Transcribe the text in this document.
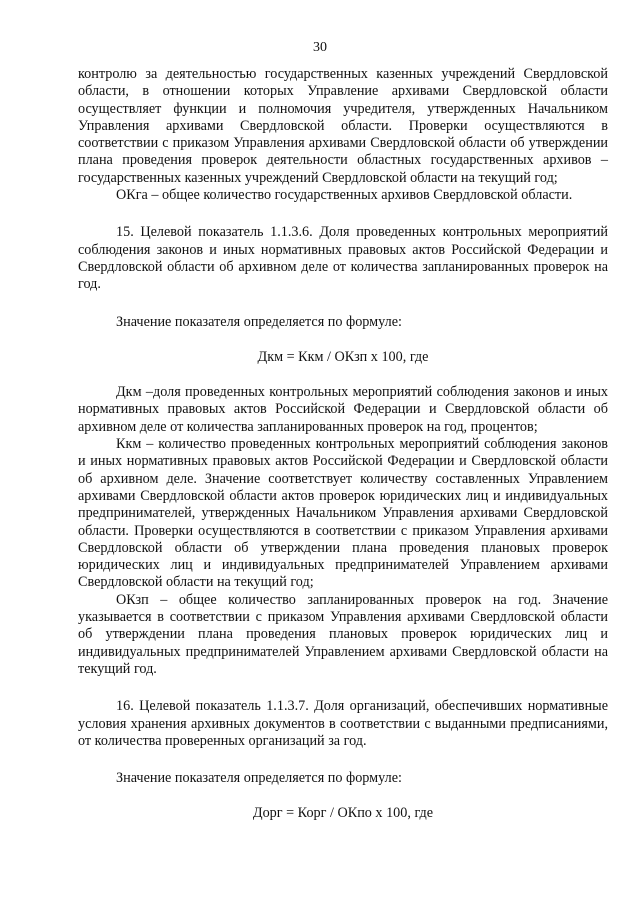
30

контролю за деятельностью государственных казенных учреждений Свердловской области, в отношении которых Управление архивами Свердловской области осуществляет функции и полномочия учредителя, утвержденных Начальником Управления архивами Свердловской области. Проверки осуществляются в соответствии с приказом Управления архивами Свердловской области об утверждении плана проведения проверок деятельности областных государственных архивов – государственных казенных учреждений Свердловской области на текущий год;

ОКга – общее количество государственных архивов Свердловской области.

15. Целевой показатель 1.1.3.6. Доля проведенных контрольных мероприятий соблюдения законов и иных нормативных правовых актов Российской Федерации и Свердловской области об архивном деле от количества запланированных проверок на год.

Значение показателя определяется по формуле:

Дкм = Ккм / ОКзп х 100, где

Дкм –доля проведенных контрольных мероприятий соблюдения законов и иных нормативных правовых актов Российской Федерации и Свердловской области об архивном деле от количества запланированных проверок на год, процентов;

Ккм – количество проведенных контрольных мероприятий соблюдения законов и иных нормативных правовых актов Российской Федерации и Свердловской области об архивном деле. Значение соответствует количеству составленных Управлением архивами Свердловской области актов проверок юридических лиц и индивидуальных предпринимателей, утвержденных Начальником Управления архивами Свердловской области. Проверки осуществляются в соответствии с приказом Управления архивами Свердловской области об утверждении плана проведения плановых проверок юридических лиц и индивидуальных предпринимателей Управлением архивами Свердловской области на текущий год;

ОКзп – общее количество запланированных проверок на год. Значение указывается в соответствии с приказом Управления архивами Свердловской области об утверждении плана проведения плановых проверок юридических лиц и индивидуальных предпринимателей Управлением архивами Свердловской области на текущий год.

16. Целевой показатель 1.1.3.7. Доля организаций, обеспечивших нормативные условия хранения архивных документов в соответствии с выданными предписаниями, от количества проверенных организаций за год.

Значение показателя определяется по формуле:

Дорг = Корг / ОКпо х 100, где
